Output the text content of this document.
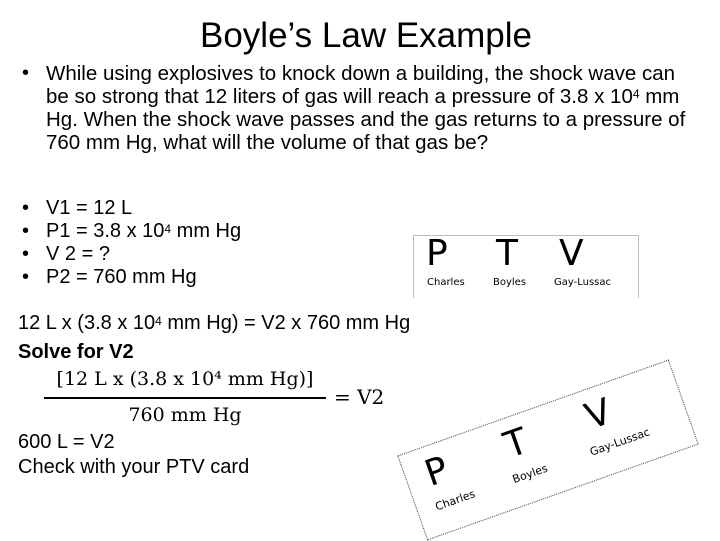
Boyle’s Law Example
• While using explosives to knock down a building, the shock wave can be so strong that 12 liters of gas will reach a pressure of 3.8 x $10^4$ mm Hg. When the shock wave passes and the gas returns to a pressure of 760 mm Hg, what will the volume of that gas be?
• V1 = 12 L
• P1 = 3.8 x $10^4$ mm Hg
• V 2 = ?
• P2 = 760 mm Hg
12 L x (3.8 x $10^4$ mm Hg) = V2 x 760 mm Hg
Solve for V2
[12 L x (3.8 x 10⁴ mm Hg)]
760 mm Hg
= V2
600 L = V2
Check with your PTV card
P T V
Charles	Boyles	Gay-Lussac
P
T
V
Charles
Boyles
Gay-Lussac
